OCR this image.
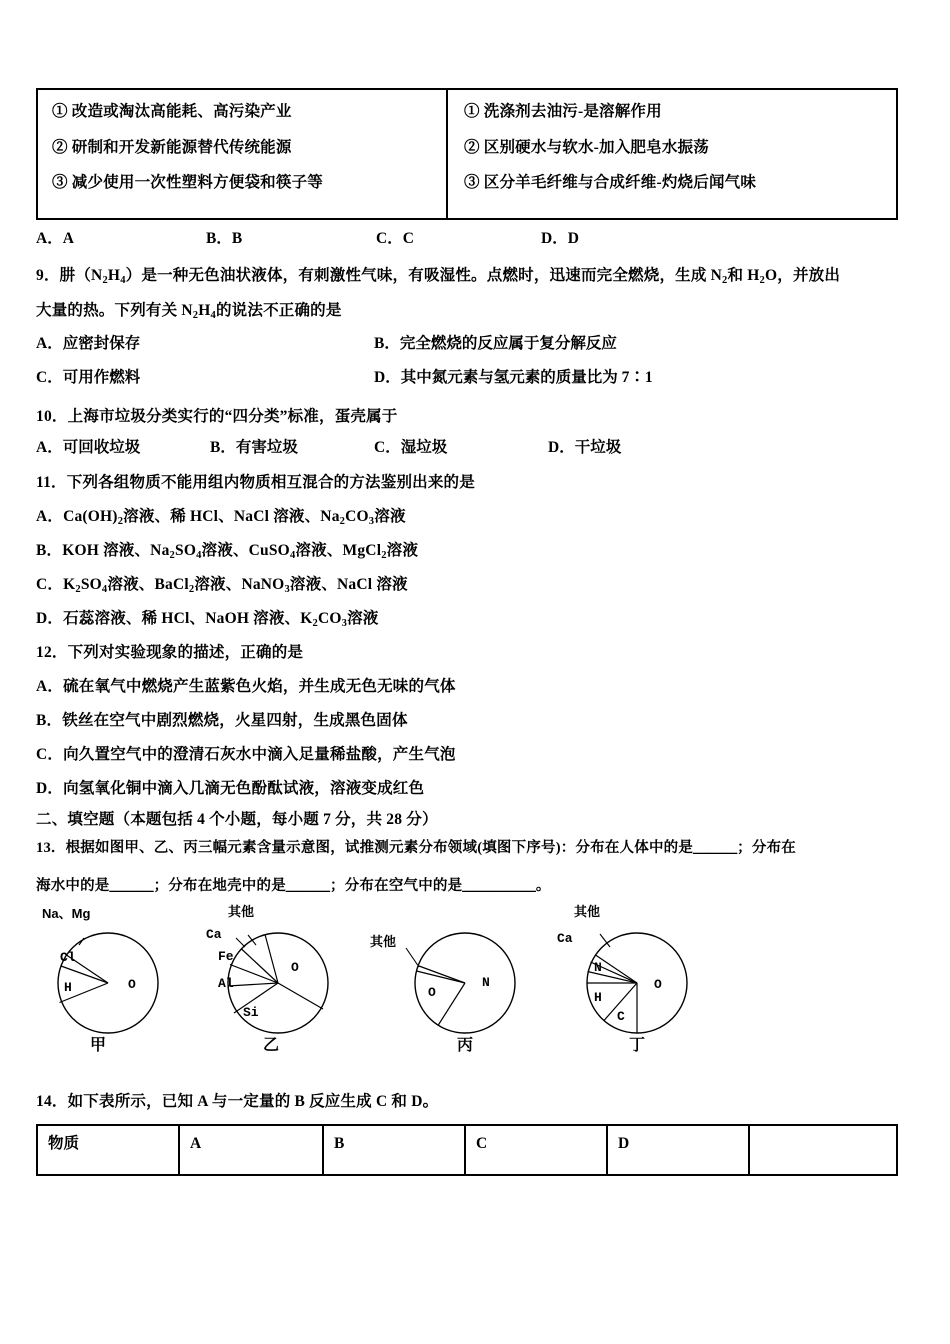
① 改造或淘汰高能耗、高污染产业
② 研制和开发新能源替代传统能源
③ 减少使用一次性塑料方便袋和筷子等
① 洗涤剂去油污-是溶解作用
② 区别硬水与软水-加入肥皂水振荡
③ 区分羊毛纤维与合成纤维-灼烧后闻气味
A．A	B．B	C．C	D．D
9．肼$(N_2H_4)$是一种无色油状液体，有刺激性气味，有吸湿性。点燃时，迅速而完全燃烧，生成 $N_2$和 $H_2O$，并放出
大量的热。下列有关 $N_2H_4$的说法不正确的是
A．应密封保存	B．完全燃烧的反应属于复分解反应
C．可用作燃料	D．其中氮元素与氢元素的质量比为 7∶1
10．上海市垃圾分类实行的“四分类”标准，蛋壳属于
A．可回收垃圾	B．有害垃圾	C．湿垃圾	D．干垃圾
11．下列各组物质不能用组内物质相互混合的方法鉴别出来的是
A．$Ca(OH)_2$溶液、稀 HCl、NaCl 溶液、$Na_2CO_3$溶液
B．KOH 溶液、$Na_2SO_4$溶液、CuSO$_4$溶液、MgCl$_2$溶液
C．$K_2SO_4$溶液、BaCl$_2$溶液、NaNO$_3$溶液、NaCl 溶液
D．石蕊溶液、稀 HCl、NaOH 溶液、$K_2CO_3$溶液
12．下列对实验现象的描述，正确的是
A．硫在氧气中燃烧产生蓝紫色火焰，并生成无色无味的气体
B．铁丝在空气中剧烈燃烧，火星四射，生成黑色固体
C．向久置空气中的澄清石灰水中滴入足量稀盐酸，产生气泡
D．向氢氧化铜中滴入几滴无色酚酞试液，溶液变成红色
二、填空题（本题包括 4 个小题，每小题 7 分，共 28 分）
13．根据如图甲、乙、丙三幅元素含量示意图，试推测元素分布领域(填图下序号)：分布在人体中的是＿＿＿；分布在
海水中的是＿＿＿；分布在地壳中的是＿＿＿；分布在空气中的是＿＿＿＿＿。
Na、Mg
Cl
H	O
甲
其他
Ca
Fe
Al
Si
O
乙
其他
O
N
丙
其他
Ca
N
H
C
O
丁
14．如下表所示，已知 A 与一定量的 B 反应生成 C 和 D。
物质	A	B	C	D
